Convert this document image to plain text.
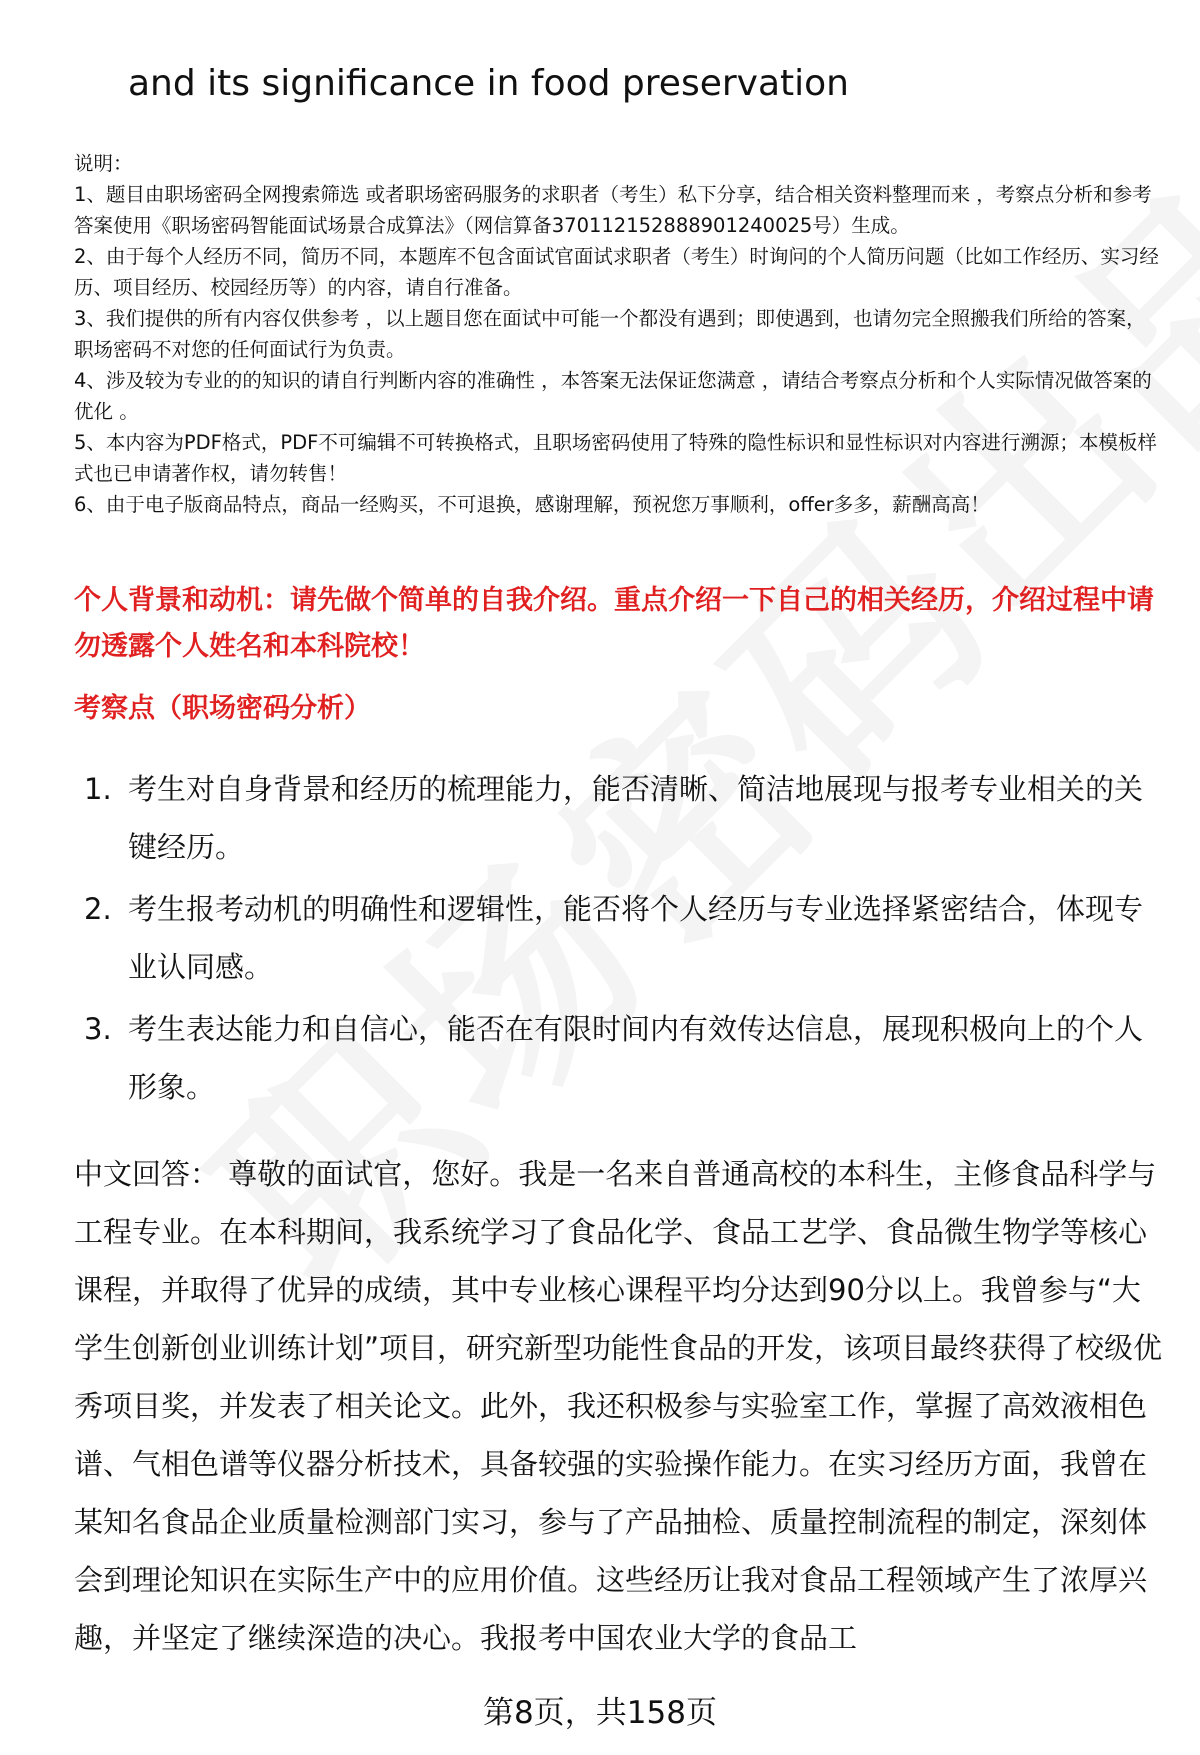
and its significance in food preservation
说明：
1、题目由职场密码全网搜索筛选 或者职场密码服务的求职者（考生）私下分享，结合相关资料整理而来 ，考察点分析和参考答案使用《职场密码智能面试场景合成算法》（网信算备370112152888901240025号）生成。
2、由于每个人经历不同，简历不同，本题库不包含面试官面试求职者（考生）时询问的个人简历问题（比如工作经历、实习经历、项目经历、校园经历等）的内容，请自行准备。
3、我们提供的所有内容仅供参考 ，以上题目您在面试中可能一个都没有遇到；即使遇到，也请勿完全照搬我们所给的答案，职场密码不对您的任何面试行为负责。
4、涉及较为专业的的知识的请自行判断内容的准确性 ，本答案无法保证您满意 ，请结合考察点分析和个人实际情况做答案的优化 。
5、本内容为PDF格式，PDF不可编辑不可转换格式，且职场密码使用了特殊的隐性标识和显性标识对内容进行溯源；本模板样式也已申请著作权，请勿转售！
6、由于电子版商品特点，商品一经购买，不可退换，感谢理解，预祝您万事顺利，offer多多，薪酬高高！
个人背景和动机：请先做个简单的自我介绍。重点介绍一下自己的相关经历，介绍过程中请勿透露个人姓名和本科院校！
考察点（职场密码分析）
1. 考生对自身背景和经历的梳理能力，能否清晰、简洁地展现与报考专业相关的关键经历。
2. 考生报考动机的明确性和逻辑性，能否将个人经历与专业选择紧密结合，体现专业认同感。
3. 考生表达能力和自信心，能否在有限时间内有效传达信息，展现积极向上的个人形象。
中文回答： 尊敬的面试官，您好。我是一名来自普通高校的本科生，主修食品科学与工程专业。在本科期间，我系统学习了食品化学、食品工艺学、食品微生物学等核心课程，并取得了优异的成绩，其中专业核心课程平均分达到90分以上。我曾参与“大学生创新创业训练计划”项目，研究新型功能性食品的开发，该项目最终获得了校级优秀项目奖，并发表了相关论文。此外，我还积极参与实验室工作，掌握了高效液相色谱、气相色谱等仪器分析技术，具备较强的实验操作能力。在实习经历方面，我曾在某知名食品企业质量检测部门实习，参与了产品抽检、质量控制流程的制定，深刻体会到理论知识在实际生产中的应用价值。这些经历让我对食品工程领域产生了浓厚兴趣，并坚定了继续深造的决心。我报考中国农业大学的食品工
第8页，共158页
